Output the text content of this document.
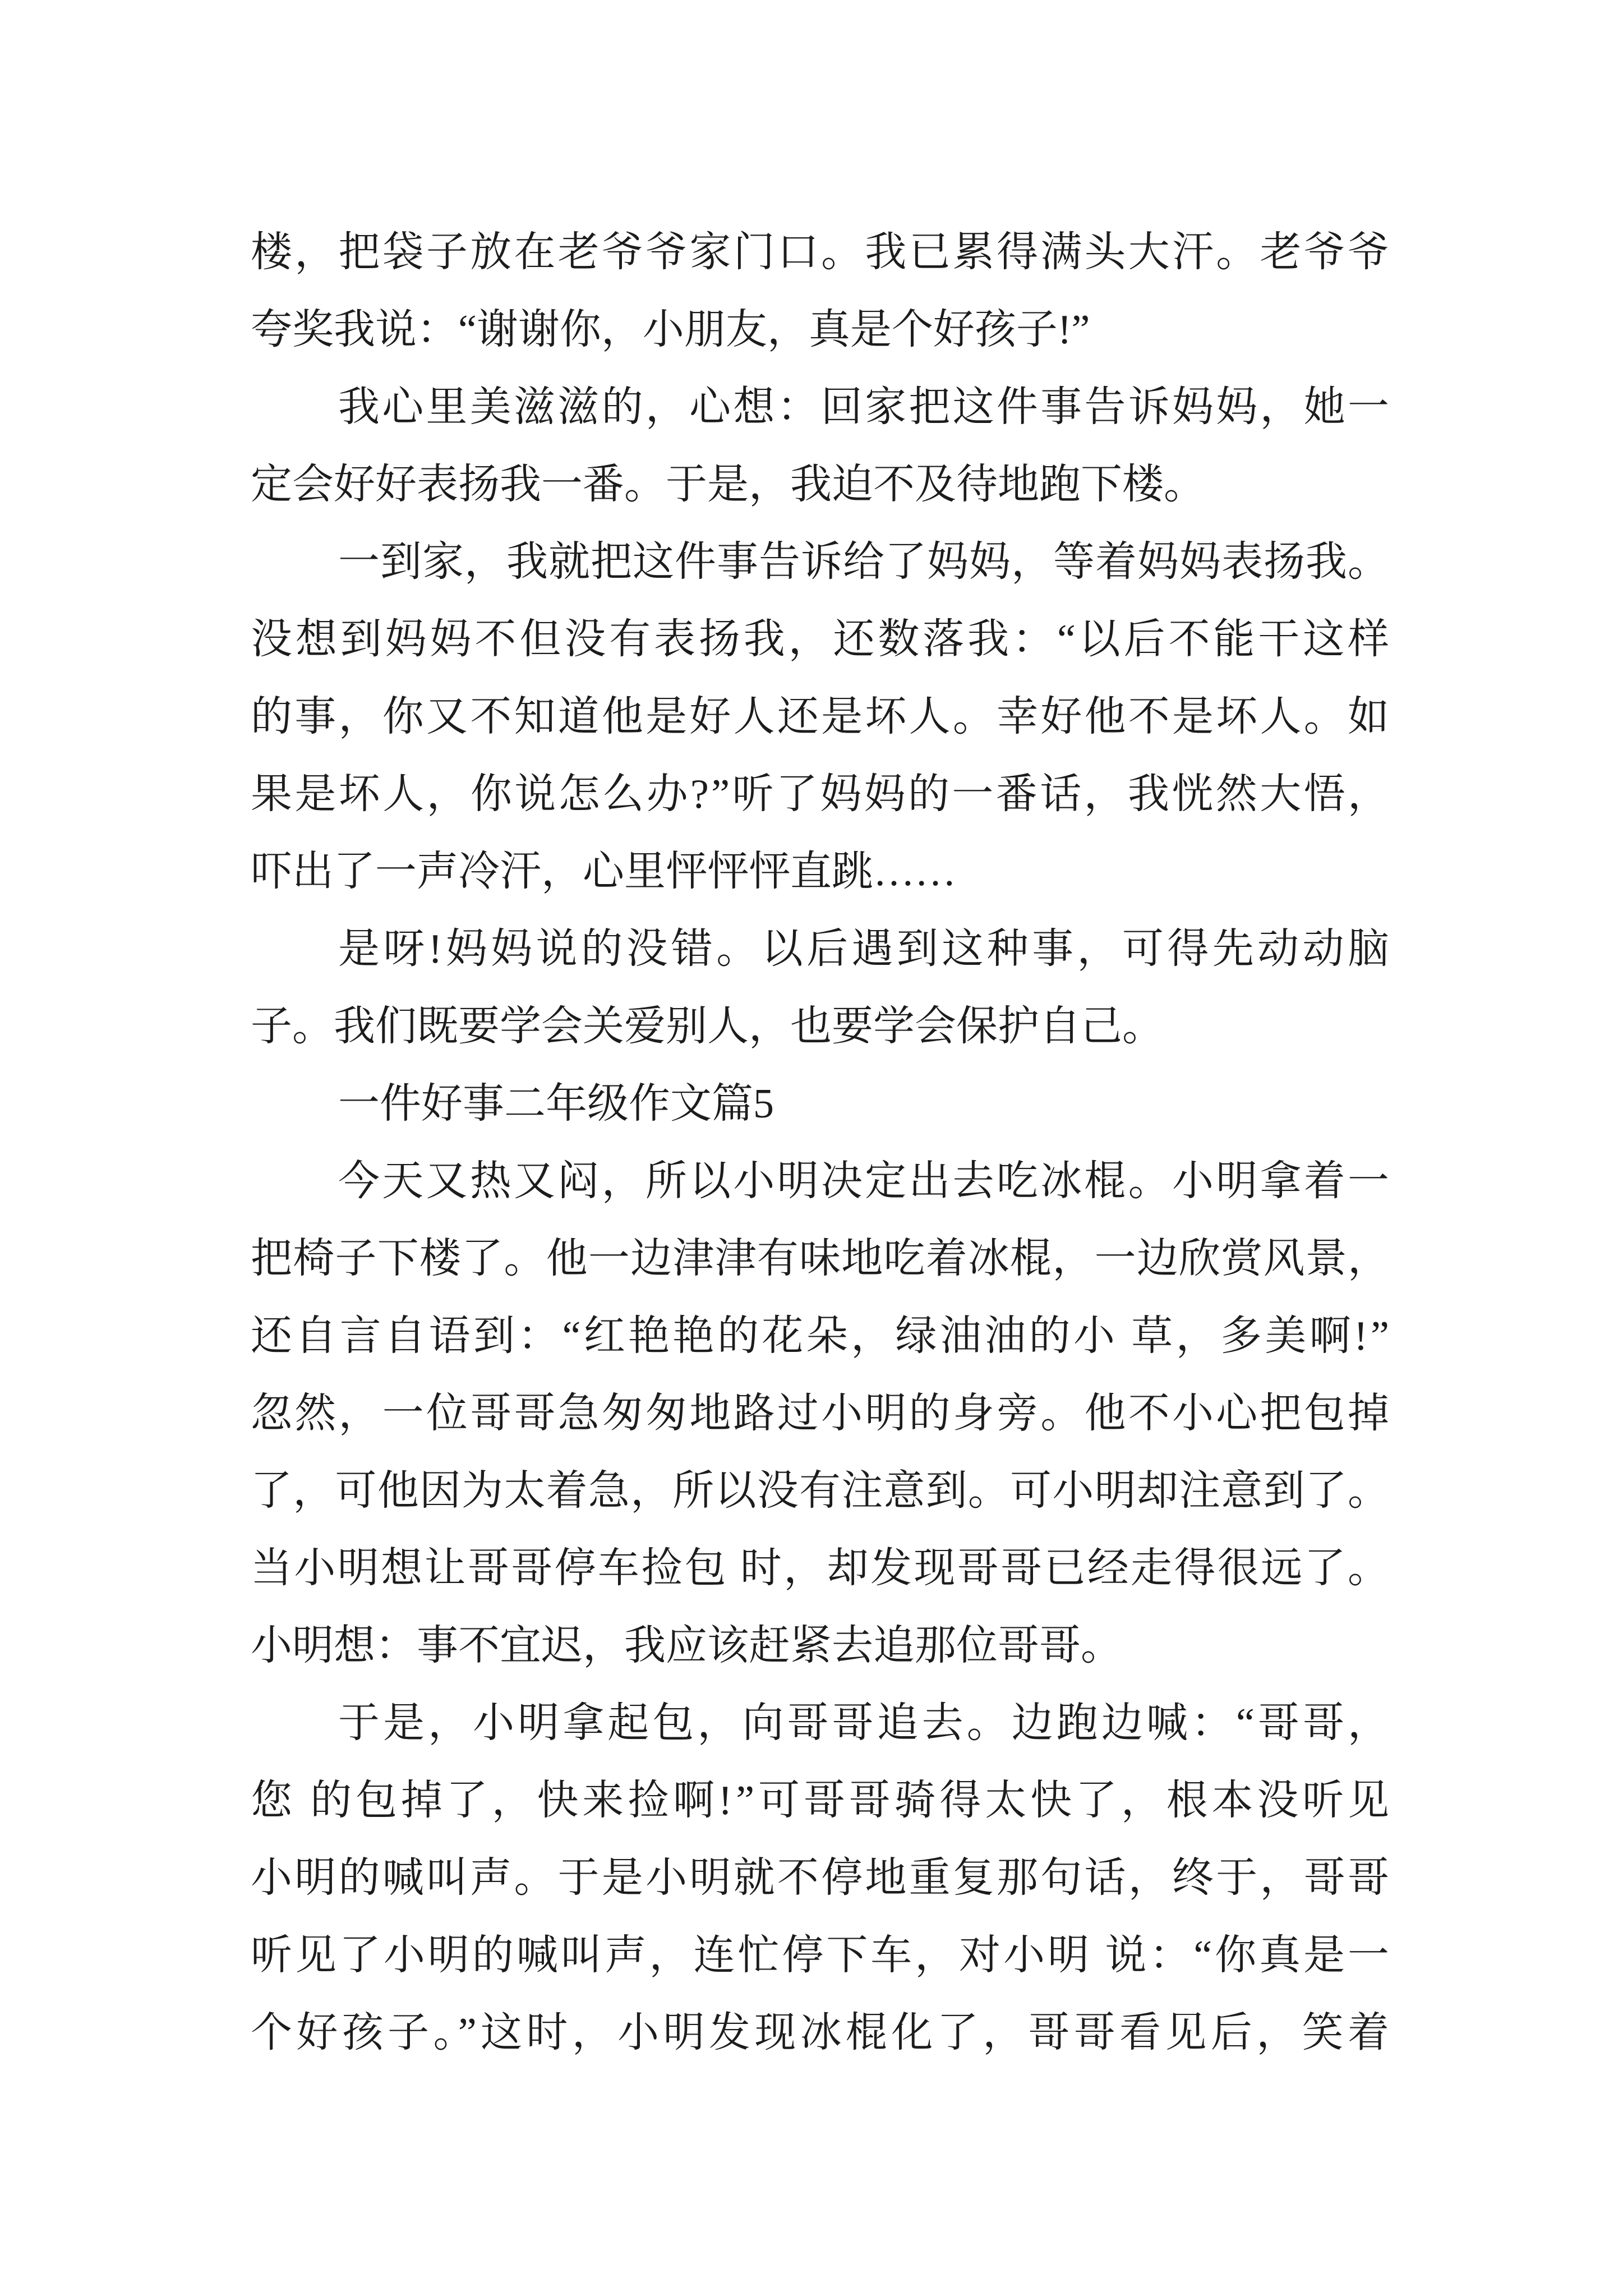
楼，把袋子放在老爷爷家门口。我已累得满头大汗。老爷爷
夸奖我说：“谢谢你，小朋友，真是个好孩子!”
我心里美滋滋的，心想：回家把这件事告诉妈妈，她一
定会好好表扬我一番。于是，我迫不及待地跑下楼。
一到家，我就把这件事告诉给了妈妈，等着妈妈表扬我。
没想到妈妈不但没有表扬我，还数落我：“以后不能干这样
的事，你又不知道他是好人还是坏人。幸好他不是坏人。如
果是坏人，你说怎么办?”听了妈妈的一番话，我恍然大悟，
吓出了一声冷汗，心里怦怦怦直跳……
是呀!妈妈说的没错。以后遇到这种事，可得先动动脑
子。我们既要学会关爱别人，也要学会保护自己。
一件好事二年级作文篇5
今天又热又闷，所以小明决定出去吃冰棍。小明拿着一
把椅子下楼了。他一边津津有味地吃着冰棍，一边欣赏风景，
还自言自语到：“红艳艳的花朵，绿油油的小 草，多美啊!”
忽然，一位哥哥急匆匆地路过小明的身旁。他不小心把包掉
了，可他因为太着急，所以没有注意到。可小明却注意到了。
当小明想让哥哥停车捡包 时，却发现哥哥已经走得很远了。
小明想：事不宜迟，我应该赶紧去追那位哥哥。
于是，小明拿起包，向哥哥追去。边跑边喊：“哥哥，
您 的包掉了，快来捡啊!”可哥哥骑得太快了，根本没听见
小明的喊叫声。于是小明就不停地重复那句话，终于，哥哥
听见了小明的喊叫声，连忙停下车，对小明 说：“你真是一
个好孩子。”这时，小明发现冰棍化了，哥哥看见后，笑着
